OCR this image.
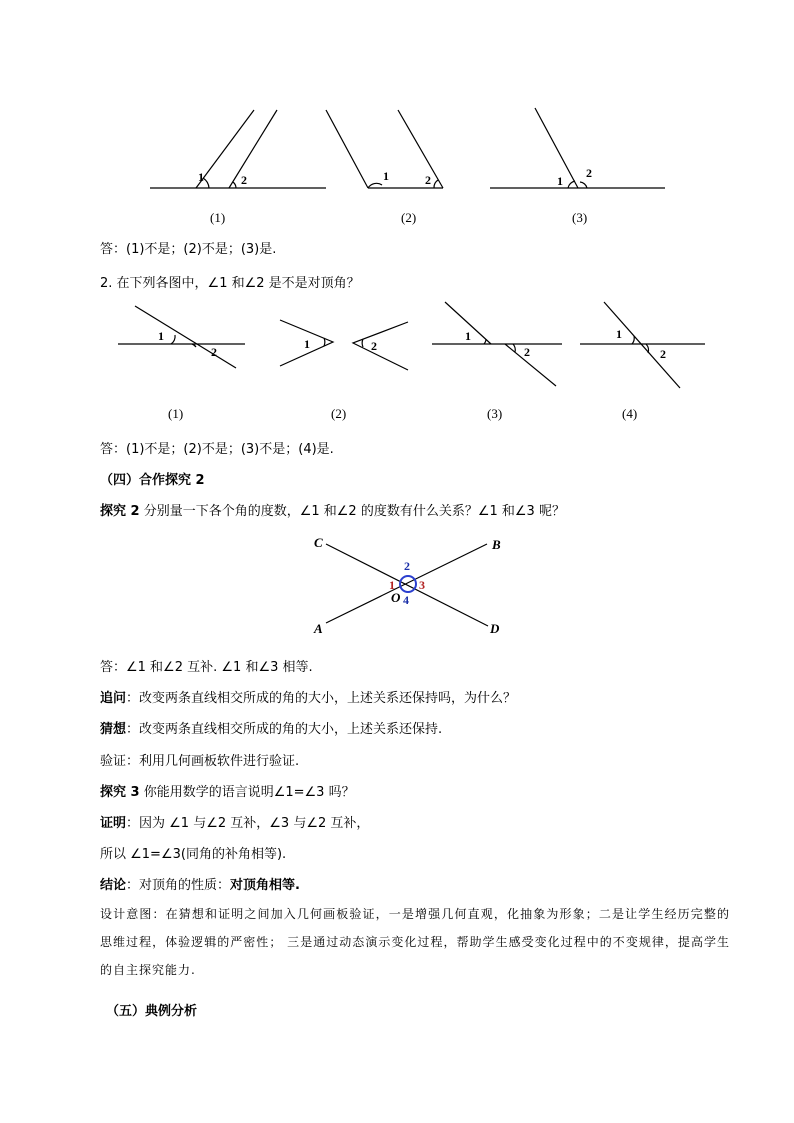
1	2	1	2	1
2
(1)	(2)	(3)
答：(1)不是；(2)不是；(3)是.
2. 在下列各图中，∠1 和∠2 是不是对顶角？
1
2
1	2
1
2
1
2
(1)	(2)	(3)	(4)
答：(1)不是；(2)不是；(3)不是；(4)是.
（四）合作探究 2
探究 2 分别量一下各个角的度数，∠1 和∠2 的度数有什么关系？∠1 和∠3 呢？
C	B
A	D
O
2
1 3
4
答：∠1 和∠2 互补. ∠1 和∠3 相等.
追问：改变两条直线相交所成的角的大小，上述关系还保持吗，为什么？
猜想：改变两条直线相交所成的角的大小，上述关系还保持.
验证：利用几何画板软件进行验证.
探究 3 你能用数学的语言说明∠1=∠3 吗？
证明：因为 ∠1 与∠2 互补，∠3 与∠2 互补，
所以 ∠1=∠3(同角的补角相等).
结论：对顶角的性质：对顶角相等.
设计意图：在猜想和证明之间加入几何画板验证，一是增强几何直观，化抽象为形象；二是让学生经历完整的思维过程，体验逻辑的严密性； 三是通过动态演示变化过程，帮助学生感受变化过程中的不变规律，提高学生的自主探究能力.
（五）典例分析
